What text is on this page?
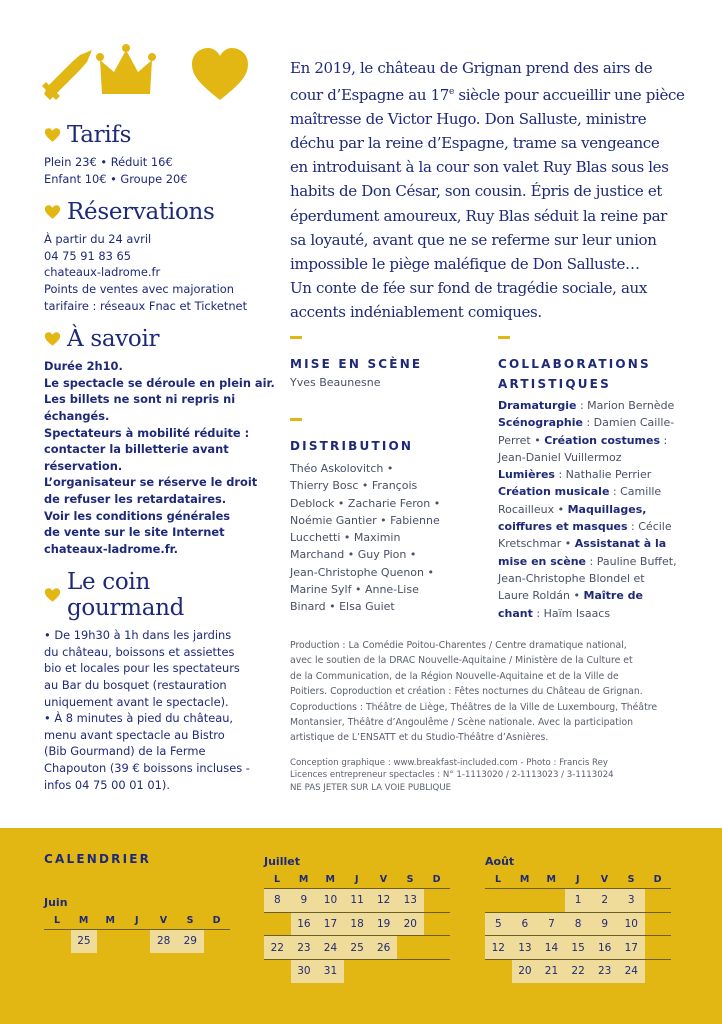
Tarifs
Plein 23€ • Réduit 16€
Enfant 10€ • Groupe 20€
Réservations
À partir du 24 avril
04 75 91 83 65
chateaux-ladrome.fr
Points de ventes avec majoration
tarifaire : réseaux Fnac et Ticketnet
À savoir
Durée 2h10.
Le spectacle se déroule en plein air.
Les billets ne sont ni repris ni
échangés.
Spectateurs à mobilité réduite :
contacter la billetterie avant
réservation.
L’organisateur se réserve le droit
de refuser les retardataires.
Voir les conditions générales
de vente sur le site Internet
chateaux-ladrome.fr.
Le coin gourmand
• De 19h30 à 1h dans les jardins
du château, boissons et assiettes
bio et locales pour les spectateurs
au Bar du bosquet (restauration
uniquement avant le spectacle).
• À 8 minutes à pied du château,
menu avant spectacle au Bistro
(Bib Gourmand) de la Ferme
Chapouton (39 € boissons incluses -
infos 04 75 00 01 01).
En 2019, le château de Grignan prend des airs de
cour d’Espagne au 17e siècle pour accueillir une pièce
maîtresse de Victor Hugo. Don Salluste, ministre
déchu par la reine d’Espagne, trame sa vengeance
en introduisant à la cour son valet Ruy Blas sous les
habits de Don César, son cousin. Épris de justice et
éperdument amoureux, Ruy Blas séduit la reine par
sa loyauté, avant que ne se referme sur leur union
impossible le piège maléfique de Don Salluste…
Un conte de fée sur fond de tragédie sociale, aux
accents indéniablement comiques.
MISE EN SCÈNE
Yves Beaunesne
DISTRIBUTION
Théo Askolovitch •
Thierry Bosc • François
Deblock • Zacharie Feron •
Noémie Gantier • Fabienne
Lucchetti • Maximin
Marchand • Guy Pion •
Jean-Christophe Quenon •
Marine Sylf • Anne-Lise
Binard • Elsa Guiet
COLLABORATIONS
ARTISTIQUES
Dramaturgie : Marion Bernède
Scénographie : Damien Caille-
Perret • Création costumes :
Jean-Daniel Vuillermoz
Lumières : Nathalie Perrier
Création musicale : Camille
Rocailleux • Maquillages,
coiffures et masques : Cécile
Kretschmar • Assistanat à la
mise en scène : Pauline Buffet,
Jean-Christophe Blondel et
Laure Roldán • Maître de
chant : Haïm Isaacs
Production : La Comédie Poitou-Charentes / Centre dramatique national,
avec le soutien de la DRAC Nouvelle-Aquitaine / Ministère de la Culture et
de la Communication, de la Région Nouvelle-Aquitaine et de la Ville de
Poitiers. Coproduction et création : Fêtes nocturnes du Château de Grignan.
Coproductions : Théâtre de Liège, Théâtres de la Ville de Luxembourg, Théâtre
Montansier, Théâtre d’Angoulême / Scène nationale. Avec la participation
artistique de L’ENSATT et du Studio-Théâtre d’Asnières.
Conception graphique : www.breakfast-included.com - Photo : Francis Rey
Licences entrepreneur spectacles : N° 1-1113020 / 2-1113023 / 3-1113024
NE PAS JETER SUR LA VOIE PUBLIQUE
CALENDRIER
Juin
L	M	M	J	V	S	D
	25			28	29	
Juillet
L	M	M	J	V	S	D
8	9	10	11	12	13	
	16	17	18	19	20	
22	23	24	25	26		
	30	31				
Août
L	M	M	J	V	S	D
			1	2	3	
5	6	7	8	9	10	
12	13	14	15	16	17	
	20	21	22	23	24	
